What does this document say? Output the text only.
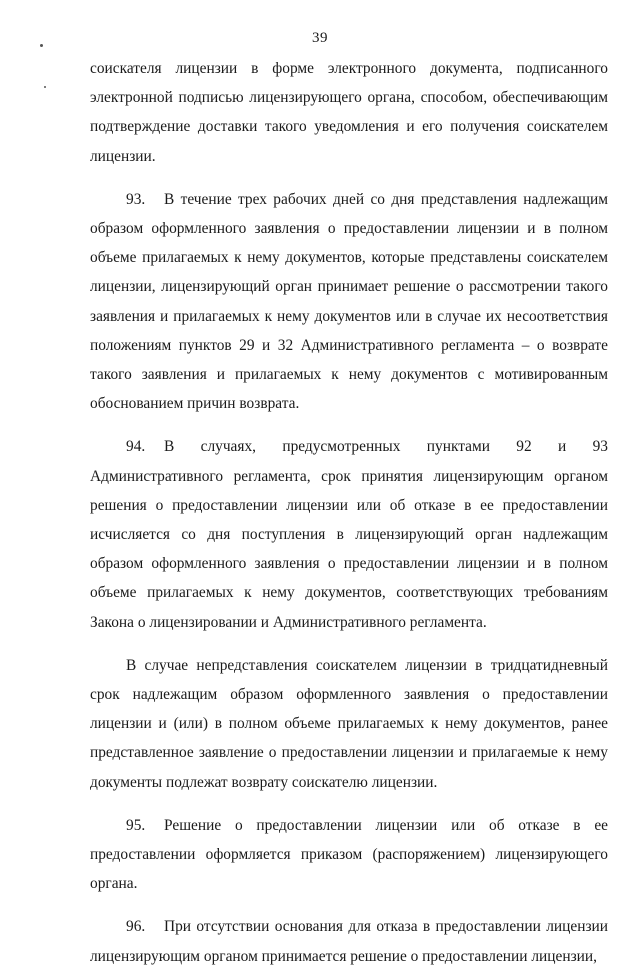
39

соискателя лицензии в форме электронного документа, подписанного электронной подписью лицензирующего органа, способом, обеспечивающим подтверждение доставки такого уведомления и его получения соискателем лицензии.

93. В течение трех рабочих дней со дня представления надлежащим образом оформленного заявления о предоставлении лицензии и в полном объеме прилагаемых к нему документов, которые представлены соискателем лицензии, лицензирующий орган принимает решение о рассмотрении такого заявления и прилагаемых к нему документов или в случае их несоответствия положениям пунктов 29 и 32 Административного регламента – о возврате такого заявления и прилагаемых к нему документов с мотивированным обоснованием причин возврата.

94. В случаях, предусмотренных пунктами 92 и 93 Административного регламента, срок принятия лицензирующим органом решения о предоставлении лицензии или об отказе в ее предоставлении исчисляется со дня поступления в лицензирующий орган надлежащим образом оформленного заявления о предоставлении лицензии и в полном объеме прилагаемых к нему документов, соответствующих требованиям Закона о лицензировании и Административного регламента.

В случае непредставления соискателем лицензии в тридцатидневный срок надлежащим образом оформленного заявления о предоставлении лицензии и (или) в полном объеме прилагаемых к нему документов, ранее представленное заявление о предоставлении лицензии и прилагаемые к нему документы подлежат возврату соискателю лицензии.

95. Решение о предоставлении лицензии или об отказе в ее предоставлении оформляется приказом (распоряжением) лицензирующего органа.

96. При отсутствии основания для отказа в предоставлении лицензии лицензирующим органом принимается решение о предоставлении лицензии,
